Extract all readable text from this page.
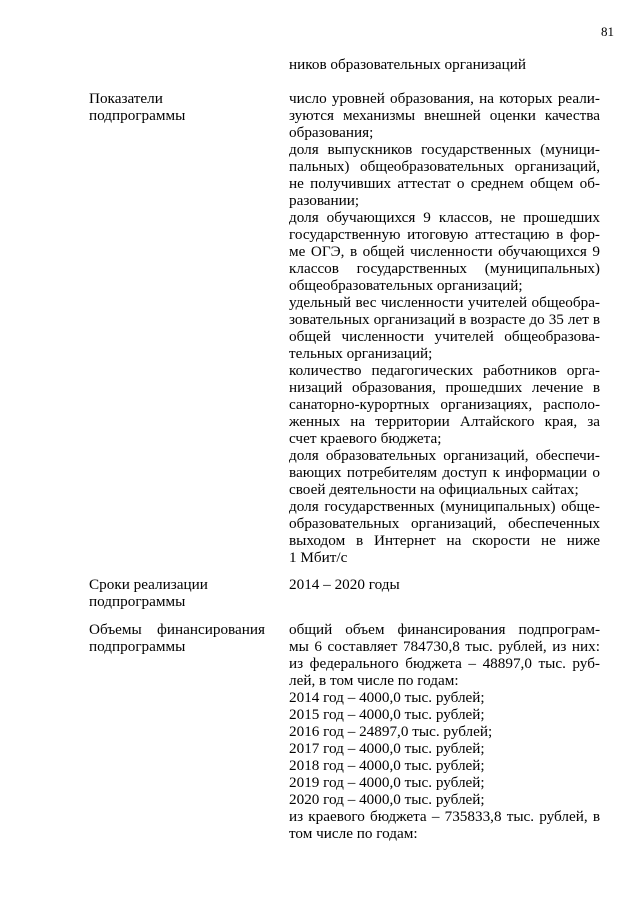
81
ников образовательных организаций
Показатели
подпрограммы
число уровней образования, на которых реали-
зуются механизмы внешней оценки качества
образования;
доля выпускников государственных (муници-
пальных) общеобразовательных организаций,
не получивших аттестат о среднем общем об-
разовании;
доля обучающихся 9 классов, не прошедших
государственную итоговую аттестацию в фор-
ме ОГЭ, в общей численности обучающихся 9
классов государственных (муниципальных)
общеобразовательных организаций;
удельный вес численности учителей общеобра-
зовательных организаций в возрасте до 35 лет в
общей численности учителей общеобразова-
тельных организаций;
количество педагогических работников орга-
низаций образования, прошедших лечение в
санаторно-курортных организациях, располо-
женных на территории Алтайского края, за
счет краевого бюджета;
доля образовательных организаций, обеспечи-
вающих потребителям доступ к информации о
своей деятельности на официальных сайтах;
доля государственных (муниципальных) обще-
образовательных организаций, обеспеченных
выходом в Интернет на скорости не ниже
1 Мбит/с
Сроки реализации
подпрограммы
2014 – 2020 годы
Объемы финансирования
подпрограммы
общий объем финансирования подпрограм-
мы 6 составляет 784730,8 тыс. рублей, из них:
из федерального бюджета – 48897,0 тыс. руб-
лей, в том числе по годам:
2014 год – 4000,0 тыс. рублей;
2015 год – 4000,0 тыс. рублей;
2016 год – 24897,0 тыс. рублей;
2017 год – 4000,0 тыс. рублей;
2018 год – 4000,0 тыс. рублей;
2019 год – 4000,0 тыс. рублей;
2020 год – 4000,0 тыс. рублей;
из краевого бюджета – 735833,8 тыс. рублей, в
том числе по годам:
